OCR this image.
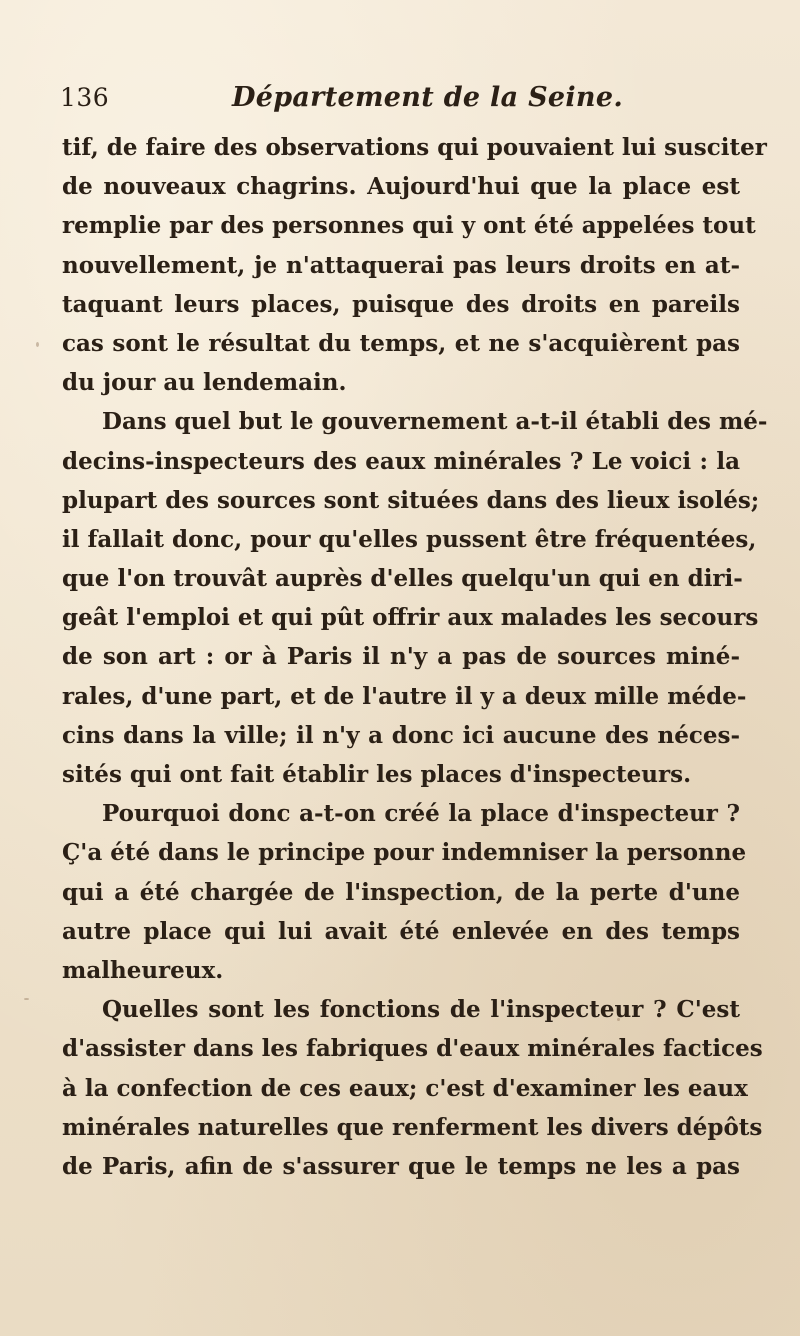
136	Département de la Seine.
tif, de faire des observations qui pouvaient lui susciter
de nouveaux chagrins. Aujourd'hui que la place est
remplie par des personnes qui y ont été appelées tout
nouvellement, je n'attaquerai pas leurs droits en at-
taquant leurs places, puisque des droits en pareils
cas sont le résultat du temps, et ne s'acquièrent pas
du jour au lendemain.
Dans quel but le gouvernement a-t-il établi des mé-
decins-inspecteurs des eaux minérales ? Le voici : la
plupart des sources sont situées dans des lieux isolés;
il fallait donc, pour qu'elles pussent être fréquentées,
que l'on trouvât auprès d'elles quelqu'un qui en diri-
geât l'emploi et qui pût offrir aux malades les secours
de son art : or à Paris il n'y a pas de sources miné-
rales, d'une part, et de l'autre il y a deux mille méde-
cins dans la ville; il n'y a donc ici aucune des néces-
sités qui ont fait établir les places d'inspecteurs.
Pourquoi donc a-t-on créé la place d'inspecteur ?
Ç'a été dans le principe pour indemniser la personne
qui a été chargée de l'inspection, de la perte d'une
autre place qui lui avait été enlevée en des temps
malheureux.
Quelles sont les fonctions de l'inspecteur ? C'est
d'assister dans les fabriques d'eaux minérales factices
à la confection de ces eaux; c'est d'examiner les eaux
minérales naturelles que renferment les divers dépôts
de Paris, afin de s'assurer que le temps ne les a pas
